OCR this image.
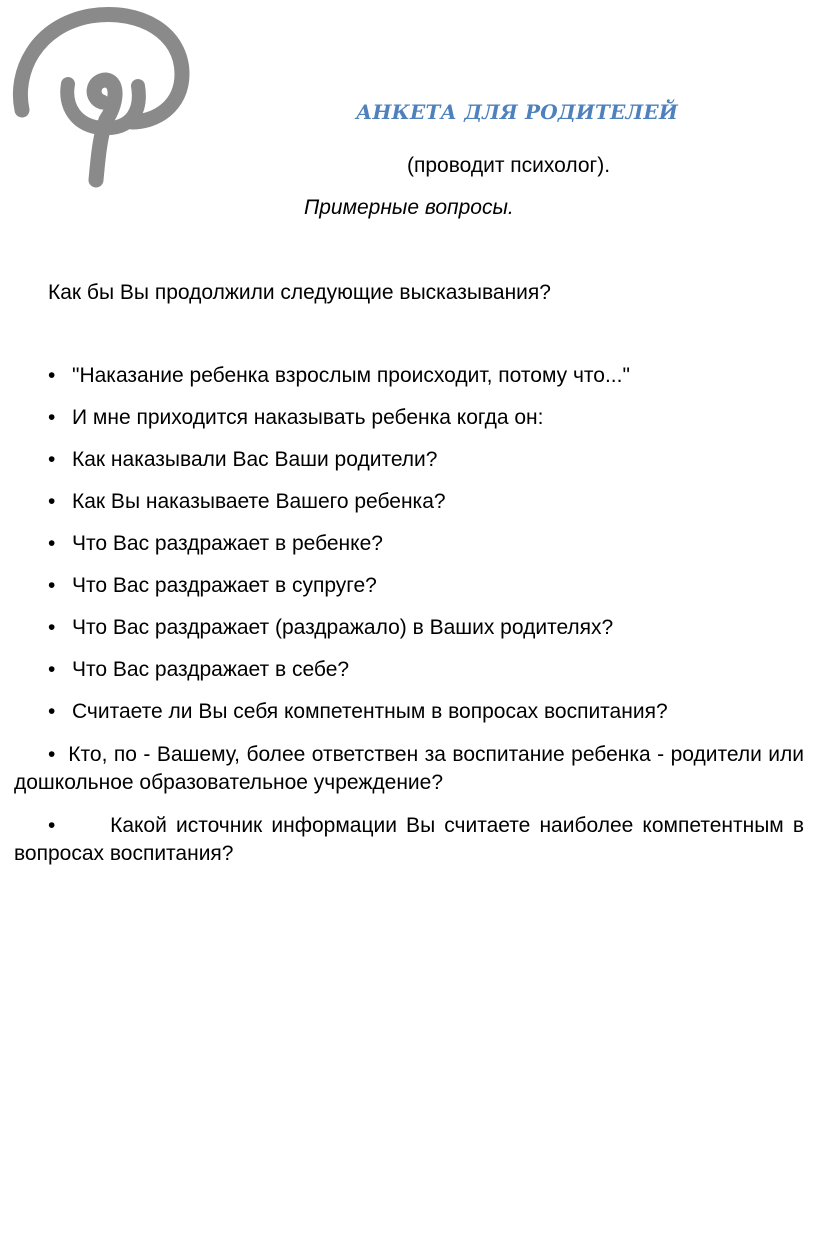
АНКЕТА ДЛЯ РОДИТЕЛЕЙ
(проводит психолог).
Примерные вопросы.
Как бы Вы продолжили следующие высказывания?
• "Наказание ребенка взрослым происходит, потому что..."
• И мне приходится наказывать ребенка когда он:
• Как наказывали Вас Ваши родители?
• Как Вы наказываете Вашего ребенка?
• Что Вас раздражает в ребенке?
• Что Вас раздражает в супруге?
• Что Вас раздражает (раздражало) в Ваших родителях?
• Что Вас раздражает в себе?
• Считаете ли Вы себя компетентным в вопросах воспитания?

• Кто, по - Вашему, более ответствен за воспитание ребенка - родители или дошкольное образовательное учреждение?

•	Какой источник информации Вы считаете наиболее компетентным в вопросах воспитания?
